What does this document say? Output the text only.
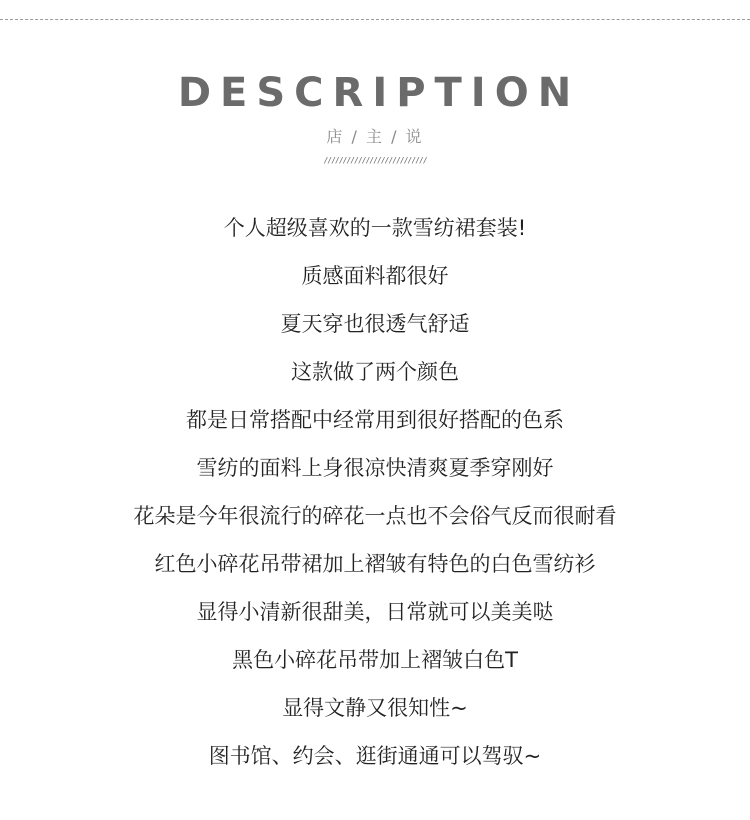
DESCRIPTION
店 / 主 / 说
///////////////////////////
个人超级喜欢的一款雪纺裙套装!
质感面料都很好
夏天穿也很透气舒适
这款做了两个颜色
都是日常搭配中经常用到很好搭配的色系
雪纺的面料上身很凉快清爽夏季穿刚好
花朵是今年很流行的碎花一点也不会俗气反而很耐看
红色小碎花吊带裙加上褶皱有特色的白色雪纺衫
显得小清新很甜美，日常就可以美美哒
黑色小碎花吊带加上褶皱白色T
显得文静又很知性~
图书馆、约会、逛街通通可以驾驭~
